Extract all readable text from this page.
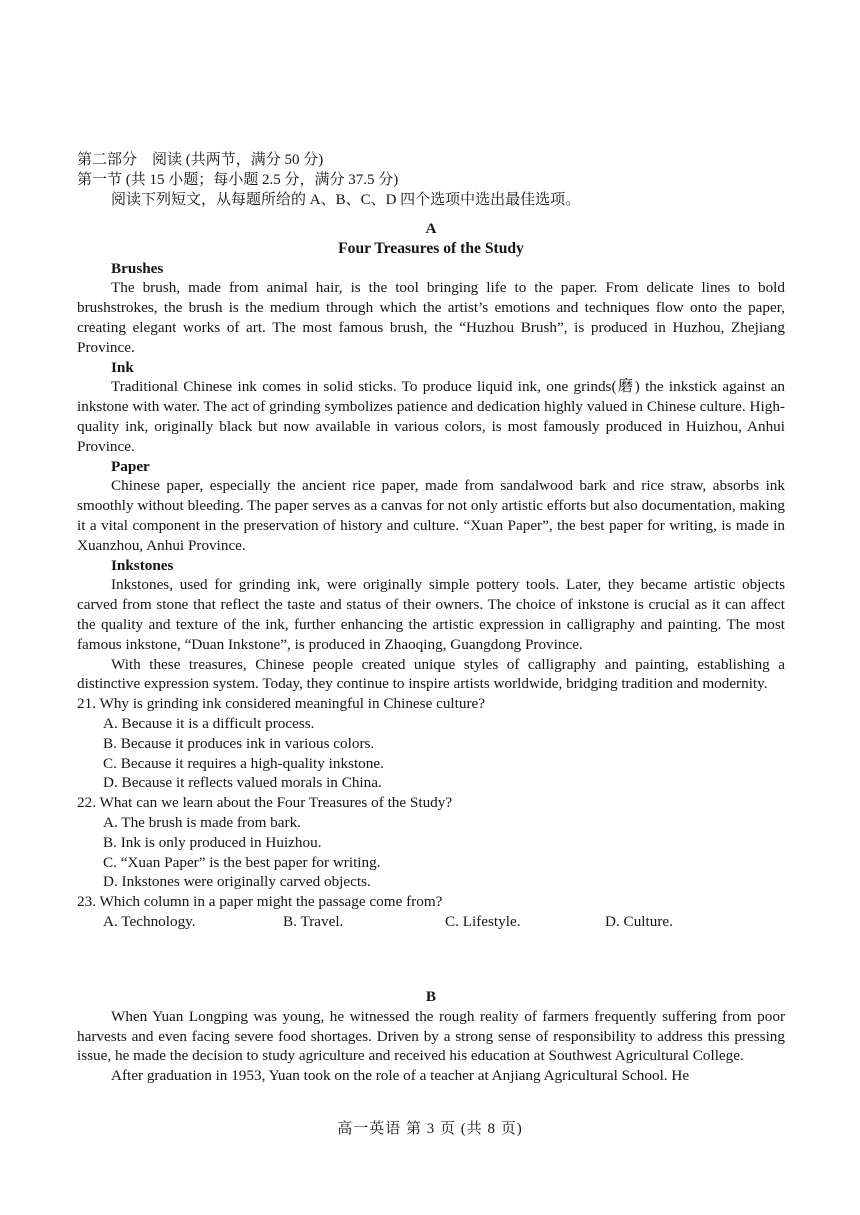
第二部分　阅读 (共两节，满分 50 分)
第一节 (共 15 小题；每小题 2.5 分，满分 37.5 分)
阅读下列短文，从每题所给的 A、B、C、D 四个选项中选出最佳选项。
A
Four Treasures of the Study
Brushes

The brush, made from animal hair, is the tool bringing life to the paper. From delicate lines to bold brushstrokes, the brush is the medium through which the artist’s emotions and techniques flow onto the paper, creating elegant works of art. The most famous brush, the “Huzhou Brush”, is produced in Huzhou, Zhejiang Province.

Ink

Traditional Chinese ink comes in solid sticks. To produce liquid ink, one grinds(磨) the inkstick against an inkstone with water. The act of grinding symbolizes patience and dedication highly valued in Chinese culture. High-quality ink, originally black but now available in various colors, is most famously produced in Huizhou, Anhui Province.

Paper

Chinese paper, especially the ancient rice paper, made from sandalwood bark and rice straw, absorbs ink smoothly without bleeding. The paper serves as a canvas for not only artistic efforts but also documentation, making it a vital component in the preservation of history and culture. “Xuan Paper”, the best paper for writing, is made in Xuanzhou, Anhui Province.

Inkstones

Inkstones, used for grinding ink, were originally simple pottery tools. Later, they became artistic objects carved from stone that reflect the taste and status of their owners. The choice of inkstone is crucial as it can affect the quality and texture of the ink, further enhancing the artistic expression in calligraphy and painting. The most famous inkstone, “Duan Inkstone”, is produced in Zhaoqing, Guangdong Province.

With these treasures, Chinese people created unique styles of calligraphy and painting, establishing a distinctive expression system. Today, they continue to inspire artists worldwide, bridging tradition and modernity.

21. Why is grinding ink considered meaningful in Chinese culture?
A. Because it is a difficult process.
B. Because it produces ink in various colors.
C. Because it requires a high-quality inkstone.
D. Because it reflects valued morals in China.
22. What can we learn about the Four Treasures of the Study?
A. The brush is made from bark.
B. Ink is only produced in Huizhou.
C. “Xuan Paper” is the best paper for writing.
D. Inkstones were originally carved objects.
23. Which column in a paper might the passage come from?
A. Technology.	B. Travel.	C. Lifestyle.	D. Culture.
B

When Yuan Longping was young, he witnessed the rough reality of farmers frequently suffering from poor harvests and even facing severe food shortages. Driven by a strong sense of responsibility to address this pressing issue, he made the decision to study agriculture and received his education at Southwest Agricultural College.

After graduation in 1953, Yuan took on the role of a teacher at Anjiang Agricultural School. He

高一英语 第 3 页 (共 8 页)
